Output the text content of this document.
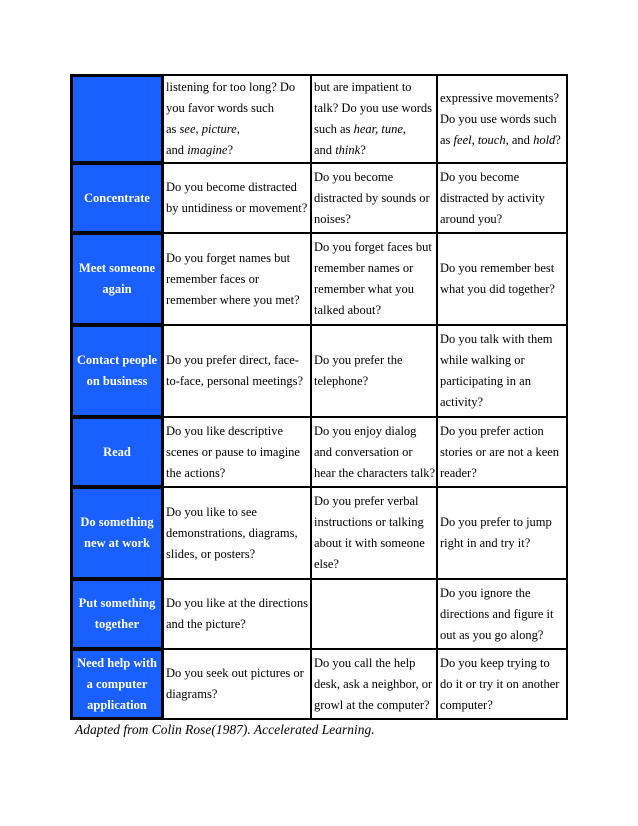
	listening for too long? Do
you favor words such
as see, picture,
and imagine?	but are impatient to
talk? Do you use words
such as hear, tune,
and think?	expressive movements?
Do you use words such
as feel, touch, and hold?

Concentrate	Do you become distracted
by untidiness or movement?	Do you become
distracted by sounds or
noises?	Do you become
distracted by activity
around you?

Meet someone
again	Do you forget names but
remember faces or
remember where you met?	Do you forget faces but
remember names or
remember what you
talked about?	Do you remember best
what you did together?

Contact people
on business	Do you prefer direct, face-
to-face, personal meetings?	Do you prefer the
telephone?	Do you talk with them
while walking or
participating in an
activity?

Read	Do you like descriptive
scenes or pause to imagine
the actions?	Do you enjoy dialog
and conversation or
hear the characters talk?	Do you prefer action
stories or are not a keen
reader?

Do something
new at work	Do you like to see
demonstrations, diagrams,
slides, or posters?	Do you prefer verbal
instructions or talking
about it with someone
else?	Do you prefer to jump
right in and try it?

Put something
together	Do you like at the directions
and the picture?		Do you ignore the
directions and figure it
out as you go along?

Need help with
a computer
application	Do you seek out pictures or
diagrams?	Do you call the help
desk, ask a neighbor, or
growl at the computer?	Do you keep trying to
do it or try it on another
computer?
Adapted from Colin Rose(1987). Accelerated Learning.
